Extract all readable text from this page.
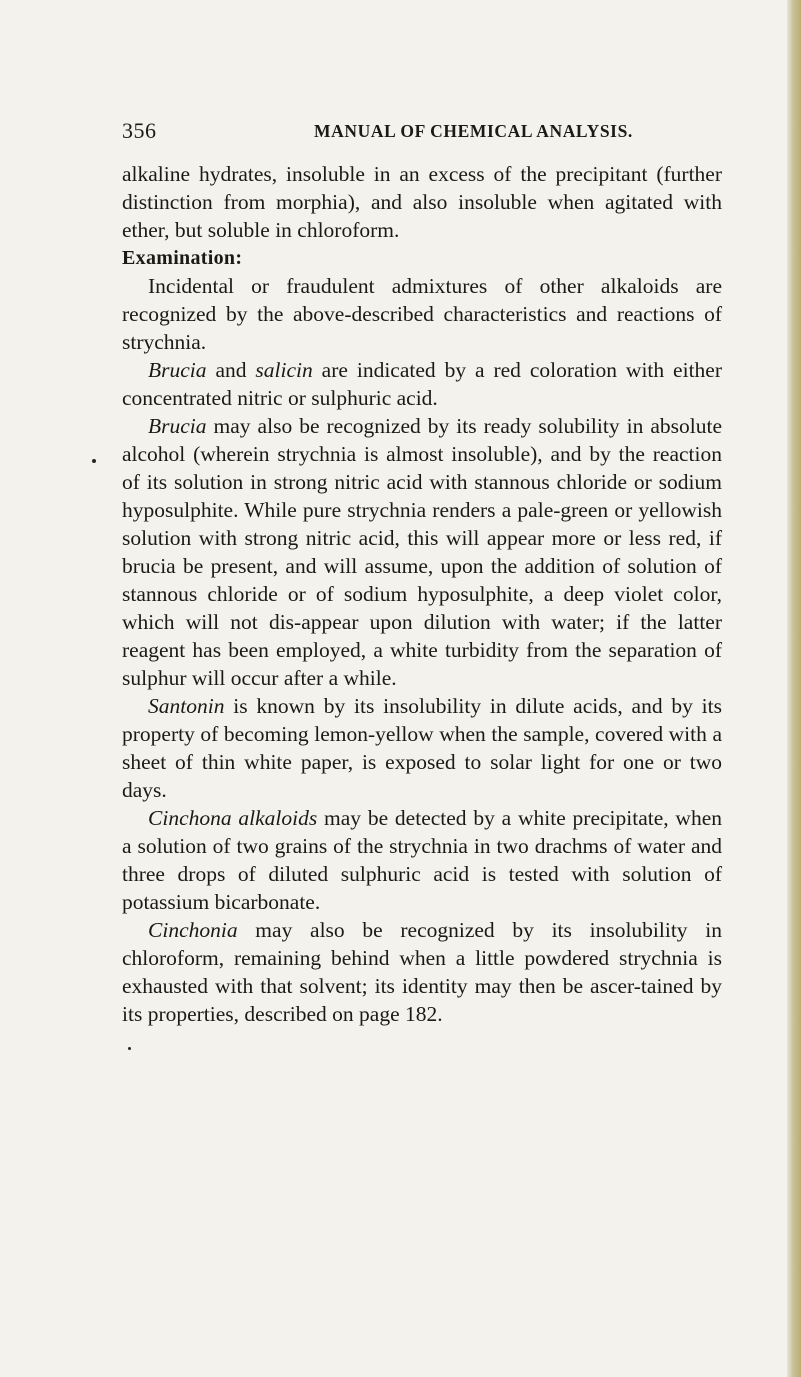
356	MANUAL OF CHEMICAL ANALYSIS.

alkaline hydrates, insoluble in an excess of the precipitant (further distinction from morphia), and also insoluble when agitated with ether, but soluble in chloroform.

Examination:

Incidental or fraudulent admixtures of other alkaloids are recognized by the above-described characteristics and reactions of strychnia.

Brucia and salicin are indicated by a red coloration with either concentrated nitric or sulphuric acid.

Brucia may also be recognized by its ready solubility in absolute alcohol (wherein strychnia is almost insoluble), and by the reaction of its solution in strong nitric acid with stannous chloride or sodium hyposulphite. While pure strychnia renders a pale-green or yellowish solution with strong nitric acid, this will appear more or less red, if brucia be present, and will assume, upon the addition of solution of stannous chloride or of sodium hyposulphite, a deep violet color, which will not dis-appear upon dilution with water; if the latter reagent has been employed, a white turbidity from the separation of sulphur will occur after a while.

Santonin is known by its insolubility in dilute acids, and by its property of becoming lemon-yellow when the sample, covered with a sheet of thin white paper, is exposed to solar light for one or two days.

Cinchona alkaloids may be detected by a white precipitate, when a solution of two grains of the strychnia in two drachms of water and three drops of diluted sulphuric acid is tested with solution of potassium bicarbonate.

Cinchonia may also be recognized by its insolubility in chloroform, remaining behind when a little powdered strychnia is exhausted with that solvent; its identity may then be ascer-tained by its properties, described on page 182.
